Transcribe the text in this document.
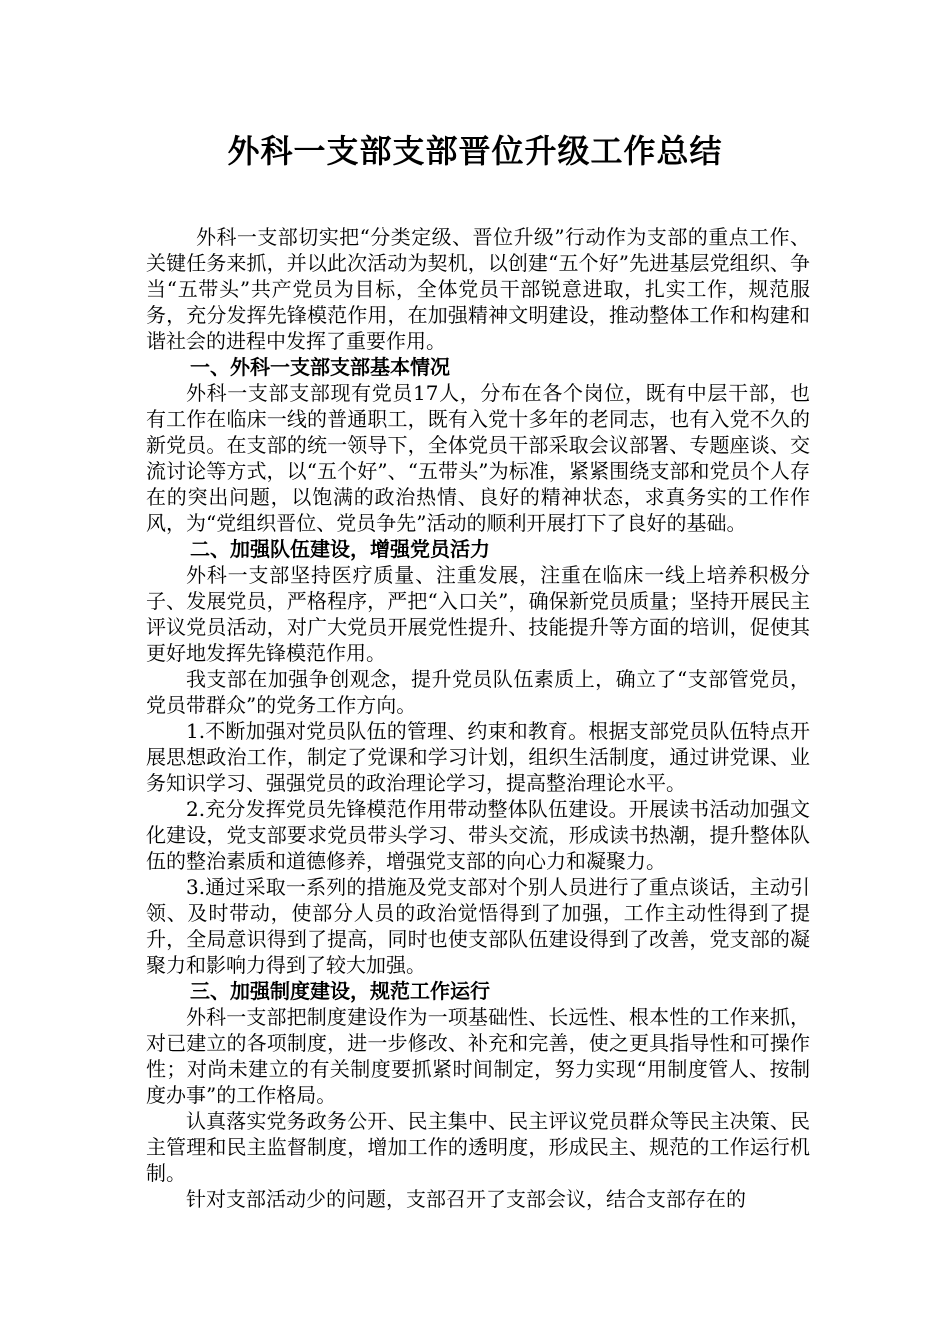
外科一支部支部晋位升级工作总结

外科一支部切实把“分类定级、晋位升级”行动作为支部的重点工作、关键任务来抓，并以此次活动为契机，以创建“五个好”先进基层党组织、争当“五带头”共产党员为目标，全体党员干部锐意进取，扎实工作，规范服务，充分发挥先锋模范作用，在加强精神文明建设，推动整体工作和构建和谐社会的进程中发挥了重要作用。

一、外科一支部支部基本情况

外科一支部支部现有党员17人，分布在各个岗位，既有中层干部，也有工作在临床一线的普通职工，既有入党十多年的老同志，也有入党不久的新党员。在支部的统一领导下，全体党员干部采取会议部署、专题座谈、交流讨论等方式，以“五个好”、“五带头”为标准，紧紧围绕支部和党员个人存在的突出问题，以饱满的政治热情、良好的精神状态，求真务实的工作作风，为“党组织晋位、党员争先”活动的顺利开展打下了良好的基础。

二、加强队伍建设，增强党员活力

外科一支部坚持医疗质量、注重发展，注重在临床一线上培养积极分子、发展党员，严格程序，严把“入口关”，确保新党员质量；坚持开展民主评议党员活动，对广大党员开展党性提升、技能提升等方面的培训，促使其更好地发挥先锋模范作用。

我支部在加强争创观念，提升党员队伍素质上，确立了“支部管党员，党员带群众”的党务工作方向。

1.不断加强对党员队伍的管理、约束和教育。根据支部党员队伍特点开展思想政治工作，制定了党课和学习计划，组织生活制度，通过讲党课、业务知识学习、强强党员的政治理论学习，提高整治理论水平。

2.充分发挥党员先锋模范作用带动整体队伍建设。开展读书活动加强文化建设，党支部要求党员带头学习、带头交流，形成读书热潮，提升整体队伍的整治素质和道德修养，增强党支部的向心力和凝聚力。

3.通过采取一系列的措施及党支部对个别人员进行了重点谈话，主动引领、及时带动，使部分人员的政治觉悟得到了加强，工作主动性得到了提升，全局意识得到了提高，同时也使支部队伍建设得到了改善，党支部的凝聚力和影响力得到了较大加强。

三、加强制度建设，规范工作运行

外科一支部把制度建设作为一项基础性、长远性、根本性的工作来抓，对已建立的各项制度，进一步修改、补充和完善，使之更具指导性和可操作性；对尚未建立的有关制度要抓紧时间制定，努力实现“用制度管人、按制度办事”的工作格局。

认真落实党务政务公开、民主集中、民主评议党员群众等民主决策、民主管理和民主监督制度，增加工作的透明度，形成民主、规范的工作运行机制。

针对支部活动少的问题，支部召开了支部会议，结合支部存在的
